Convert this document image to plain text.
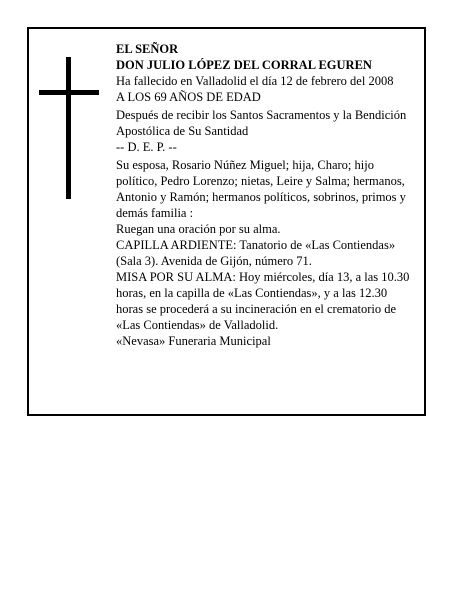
EL SEÑOR

DON JULIO LÓPEZ DEL CORRAL EGUREN

Ha fallecido en Valladolid el día 12 de febrero del 2008

A LOS 69 AÑOS DE EDAD

Después de recibir los Santos Sacramentos y la Bendición Apostólica de Su Santidad

-- D. E. P. --

Su esposa, Rosario Núñez Miguel; hija, Charo; hijo político, Pedro Lorenzo; nietas, Leire y Salma; hermanos, Antonio y Ramón; hermanos políticos, sobrinos, primos y demás familia :

Ruegan una oración por su alma.

CAPILLA ARDIENTE: Tanatorio de «Las Contiendas» (Sala 3). Avenida de Gijón, número 71.

MISA POR SU ALMA: Hoy miércoles, día 13, a las 10.30 horas, en la capilla de «Las Contiendas», y a las 12.30 horas se procederá a su incineración en el crematorio de «Las Contiendas» de Valladolid.

«Nevasa» Funeraria Municipal
